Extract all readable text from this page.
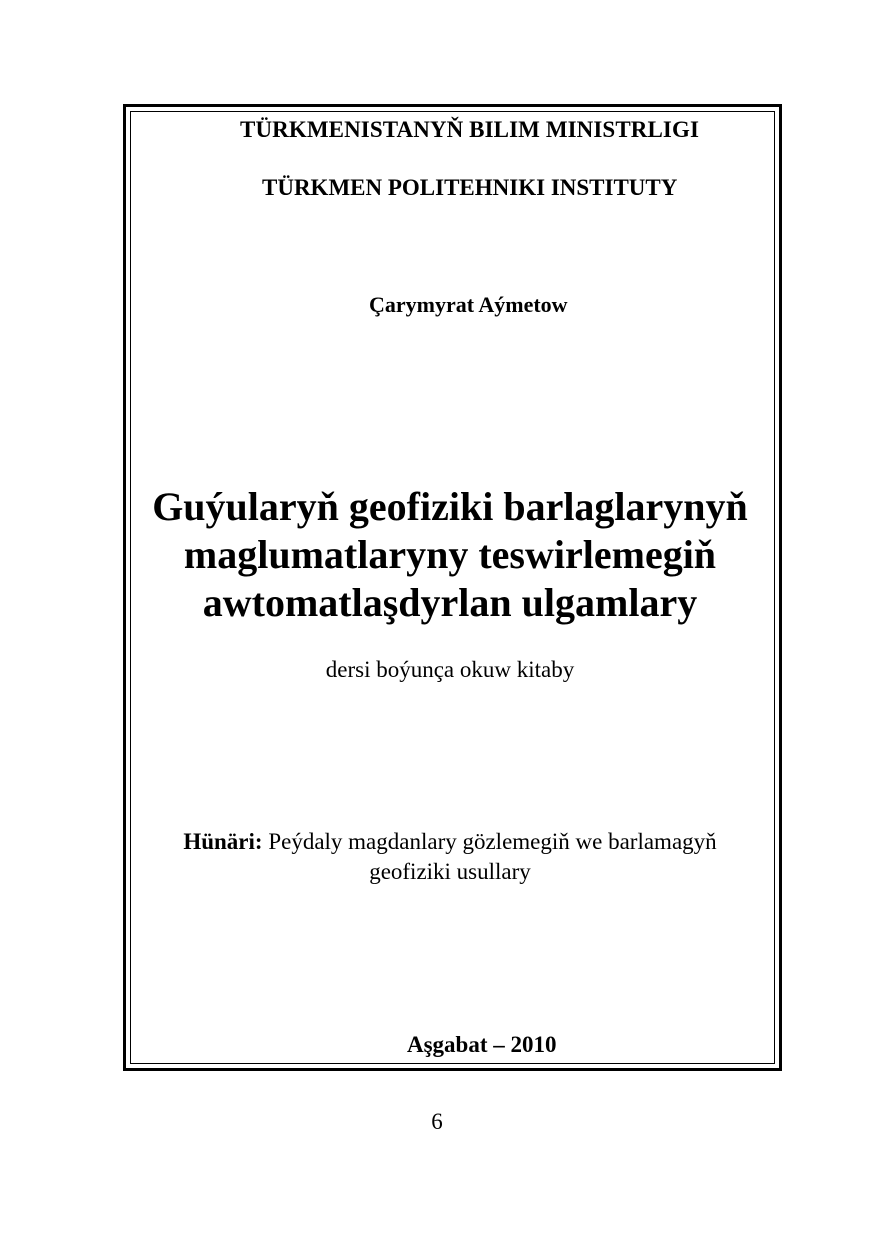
TÜRKMENISTANYŇ BILIM MINISTRLIGI
TÜRKMEN POLITEHNIKI INSTITUTY
Çarymyrat Aýmetow
Guýularyň geofiziki barlaglarynyň
maglumatlaryny teswirlemegiň
awtomatlaşdyrlan ulgamlary
dersi boýunça okuw kitaby
Hünäri: Peýdaly magdanlary gözlemegiň we barlamagyň
geofiziki usullary
Aşgabat – 2010
6
